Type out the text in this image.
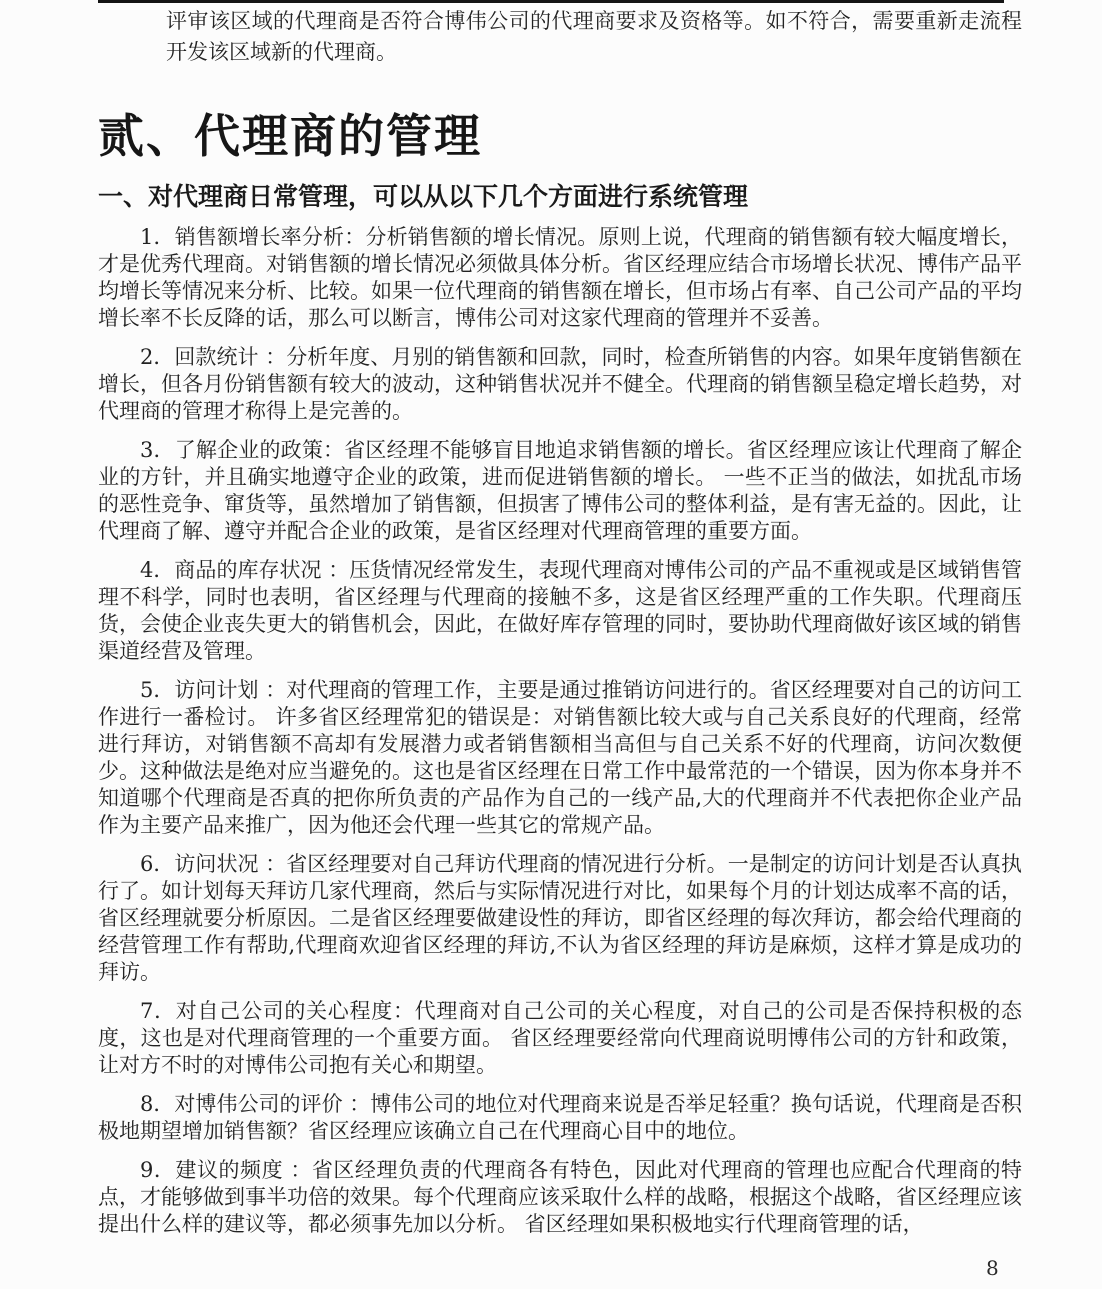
评审该区域的代理商是否符合博伟公司的代理商要求及资格等。如不符合，需要重新走流程开发该区域新的代理商。

贰、代理商的管理
一、对代理商日常管理，可以从以下几个方面进行系统管理

1．销售额增长率分析：分析销售额的增长情况。原则上说，代理商的销售额有较大幅度增长，才是优秀代理商。对销售额的增长情况必须做具体分析。省区经理应结合市场增长状况、博伟产品平均增长等情况来分析、比较。如果一位代理商的销售额在增长，但市场占有率、自己公司产品的平均增长率不长反降的话，那么可以断言，博伟公司对这家代理商的管理并不妥善。

2．回款统计 ：分析年度、月别的销售额和回款，同时，检查所销售的内容。如果年度销售额在增长，但各月份销售额有较大的波动，这种销售状况并不健全。代理商的销售额呈稳定增长趋势，对代理商的管理才称得上是完善的。

3．了解企业的政策：省区经理不能够盲目地追求销售额的增长。省区经理应该让代理商了解企业的方针，并且确实地遵守企业的政策，进而促进销售额的增长。 一些不正当的做法，如扰乱市场的恶性竞争、窜货等，虽然增加了销售额，但损害了博伟公司的整体利益，是有害无益的。因此，让代理商了解、遵守并配合企业的政策，是省区经理对代理商管理的重要方面。

4．商品的库存状况 ：压货情况经常发生，表现代理商对博伟公司的产品不重视或是区域销售管理不科学，同时也表明，省区经理与代理商的接触不多，这是省区经理严重的工作失职。代理商压货，会使企业丧失更大的销售机会，因此，在做好库存管理的同时，要协助代理商做好该区域的销售渠道经营及管理。

5．访问计划 ：对代理商的管理工作，主要是通过推销访问进行的。省区经理要对自己的访问工作进行一番检讨。 许多省区经理常犯的错误是：对销售额比较大或与自己关系良好的代理商，经常进行拜访，对销售额不高却有发展潜力或者销售额相当高但与自己关系不好的代理商，访问次数便少。这种做法是绝对应当避免的。这也是省区经理在日常工作中最常范的一个错误，因为你本身并不知道哪个代理商是否真的把你所负责的产品作为自己的一线产品,大的代理商并不代表把你企业产品作为主要产品来推广，因为他还会代理一些其它的常规产品。

6．访问状况 ：省区经理要对自己拜访代理商的情况进行分析。一是制定的访问计划是否认真执行了。如计划每天拜访几家代理商，然后与实际情况进行对比，如果每个月的计划达成率不高的话，省区经理就要分析原因。二是省区经理要做建设性的拜访，即省区经理的每次拜访，都会给代理商的经营管理工作有帮助,代理商欢迎省区经理的拜访,不认为省区经理的拜访是麻烦，这样才算是成功的拜访。

7．对自己公司的关心程度：代理商对自己公司的关心程度，对自己的公司是否保持积极的态度，这也是对代理商管理的一个重要方面。 省区经理要经常向代理商说明博伟公司的方针和政策，让对方不时的对博伟公司抱有关心和期望。

8．对博伟公司的评价 ：博伟公司的地位对代理商来说是否举足轻重？换句话说，代理商是否积极地期望增加销售额？省区经理应该确立自己在代理商心目中的地位。

9．建议的频度 ：省区经理负责的代理商各有特色，因此对代理商的管理也应配合代理商的特点，才能够做到事半功倍的效果。每个代理商应该采取什么样的战略，根据这个战略，省区经理应该提出什么样的建议等，都必须事先加以分析。 省区经理如果积极地实行代理商管理的话，

8
